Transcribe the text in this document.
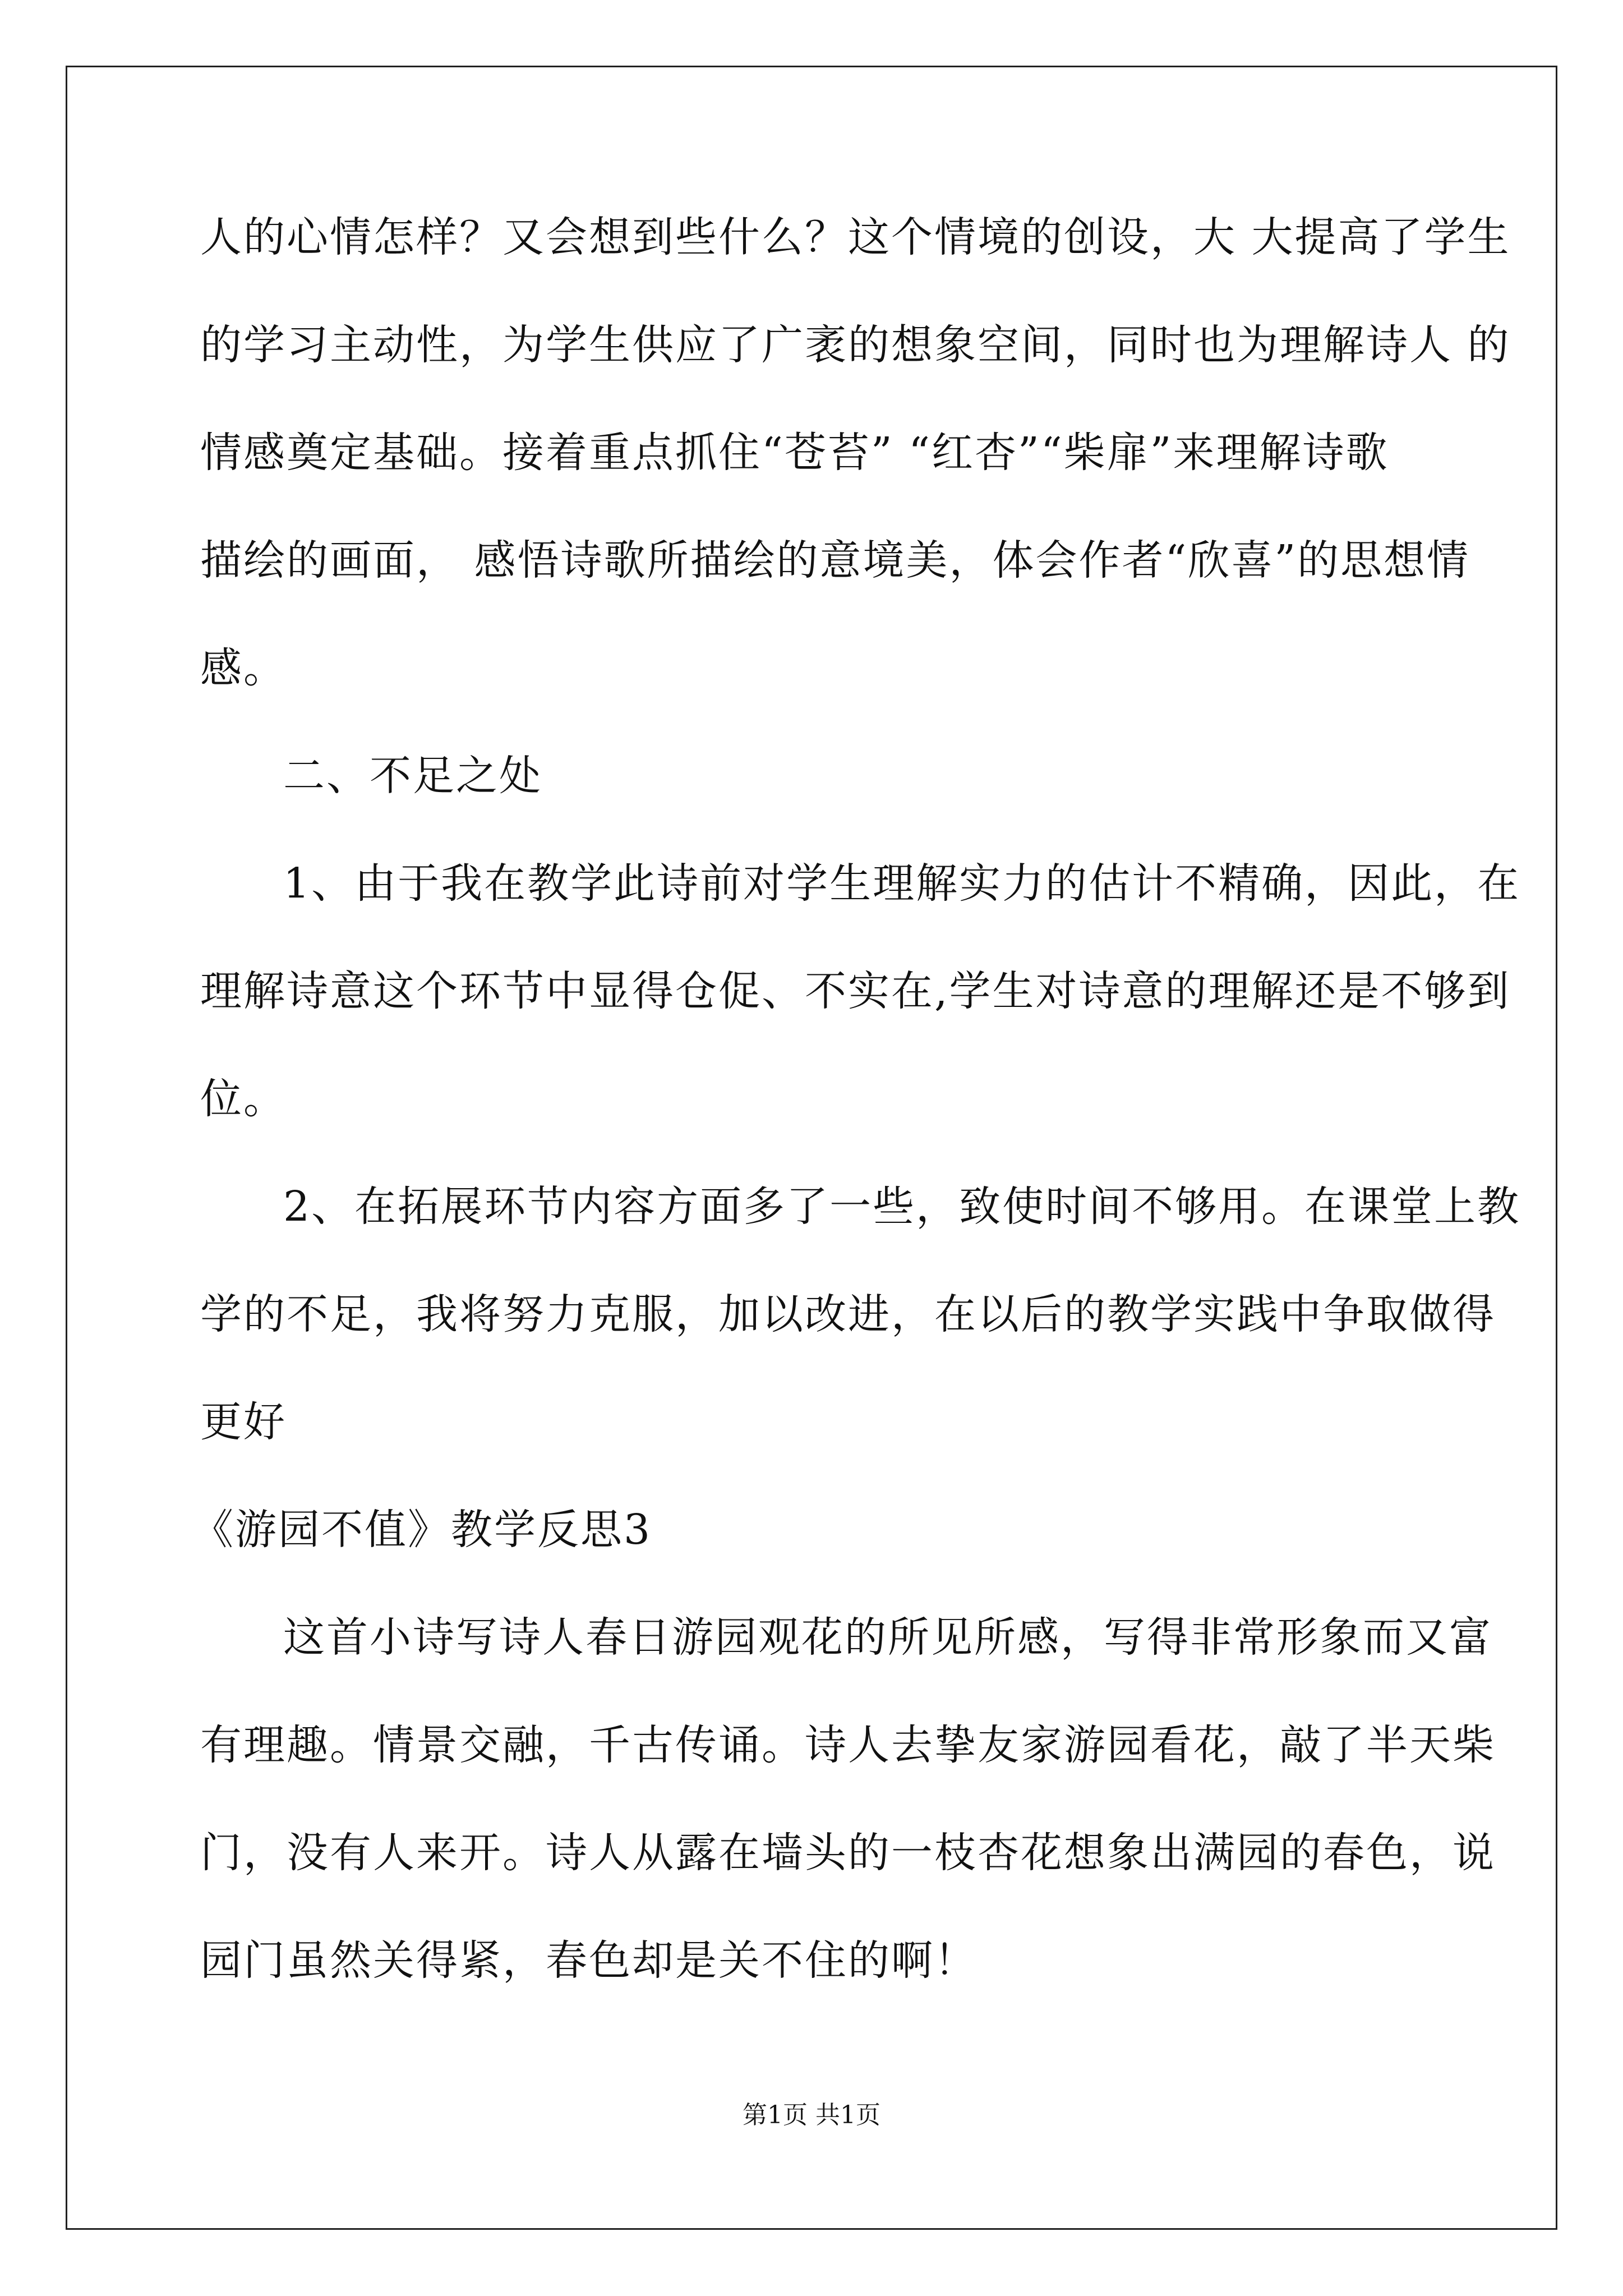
人的心情怎样？又会想到些什么？这个情境的创设，大 大提高了学生
的学习主动性，为学生供应了广袤的想象空间，同时也为理解诗人 的
情感奠定基础。接着重点抓住“苍苔” “红杏”“柴扉”来理解诗歌
描绘的画面， 感悟诗歌所描绘的意境美，体会作者“欣喜”的思想情
感。
二、不足之处
1、由于我在教学此诗前对学生理解实力的估计不精确，因此，在
理解诗意这个环节中显得仓促、不实在,学生对诗意的理解还是不够到
位。
2、在拓展环节内容方面多了一些，致使时间不够用。在课堂上教
学的不足，我将努力克服，加以改进，在以后的教学实践中争取做得
更好
《游园不值》教学反思3
这首小诗写诗人春日游园观花的所见所感，写得非常形象而又富
有理趣。情景交融，千古传诵。诗人去挚友家游园看花，敲了半天柴
门，没有人来开。诗人从露在墙头的一枝杏花想象出满园的春色，说
园门虽然关得紧，春色却是关不住的啊！
第1页 共1页
